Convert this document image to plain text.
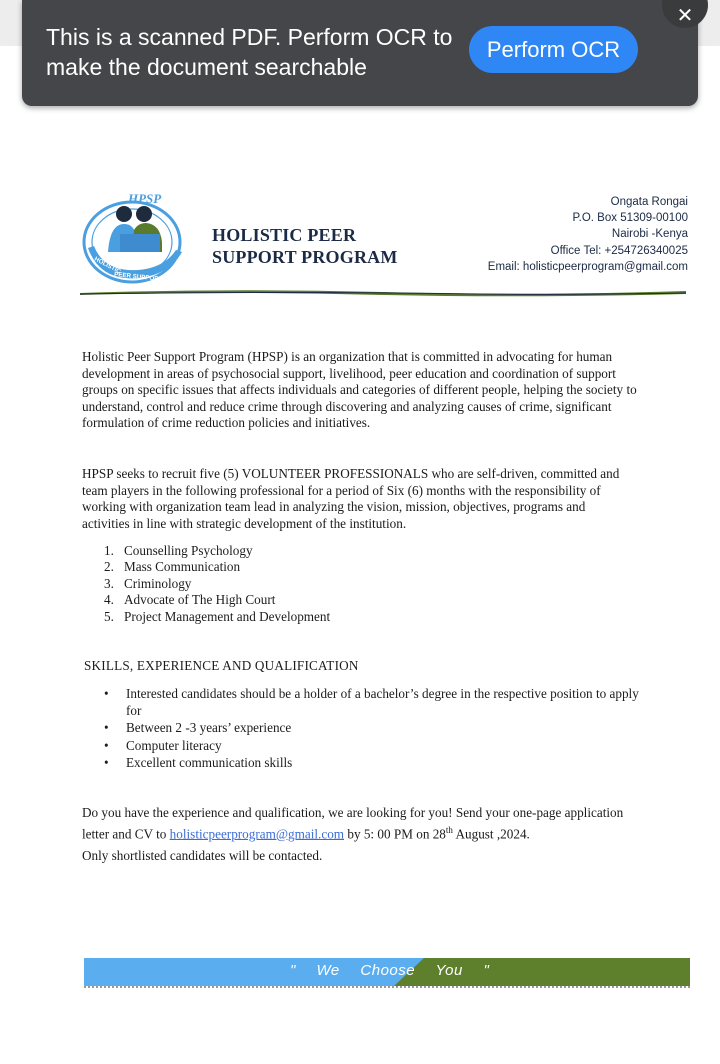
HPSP
HOLISTIC
PEER SUPPORT PROGRAM
HOLISTIC PEER
SUPPORT PROGRAM
Ongata Rongai
P.O. Box 51309-00100
Nairobi -Kenya
Office Tel: +254726340025
Email: holisticpeerprogram@gmail.com

Holistic Peer Support Program (HPSP) is an organization that is committed in advocating for human development in areas of psychosocial support, livelihood, peer education and coordination of support groups on specific issues that affects individuals and categories of different people, helping the society to understand, control and reduce crime through discovering and analyzing causes of crime, significant formulation of crime reduction policies and initiatives.

HPSP seeks to recruit five (5) VOLUNTEER PROFESSIONALS who are self-driven, committed and team players in the following professional for a period of Six (6) months with the responsibility of working with organization team lead in analyzing the vision, mission, objectives, programs and activities in line with strategic development of the institution.

1. Counselling Psychology
2. Mass Communication
3. Criminology
4. Advocate of The High Court
5. Project Management and Development
SKILLS, EXPERIENCE AND QUALIFICATION
• Interested candidates should be a holder of a bachelor’s degree in the respective position to apply for
• Between 2 -3 years’ experience
• Computer literacy
• Excellent communication skills

Do you have the experience and qualification, we are looking for you! Send your one-page application letter and CV to holisticpeerprogram@gmail.com by 5: 00 PM on 28th August ,2024.

Only shortlisted candidates will be contacted.

" We Choose You "
This is a scanned PDF. Perform OCR to make the document searchable
Perform OCR
✕
